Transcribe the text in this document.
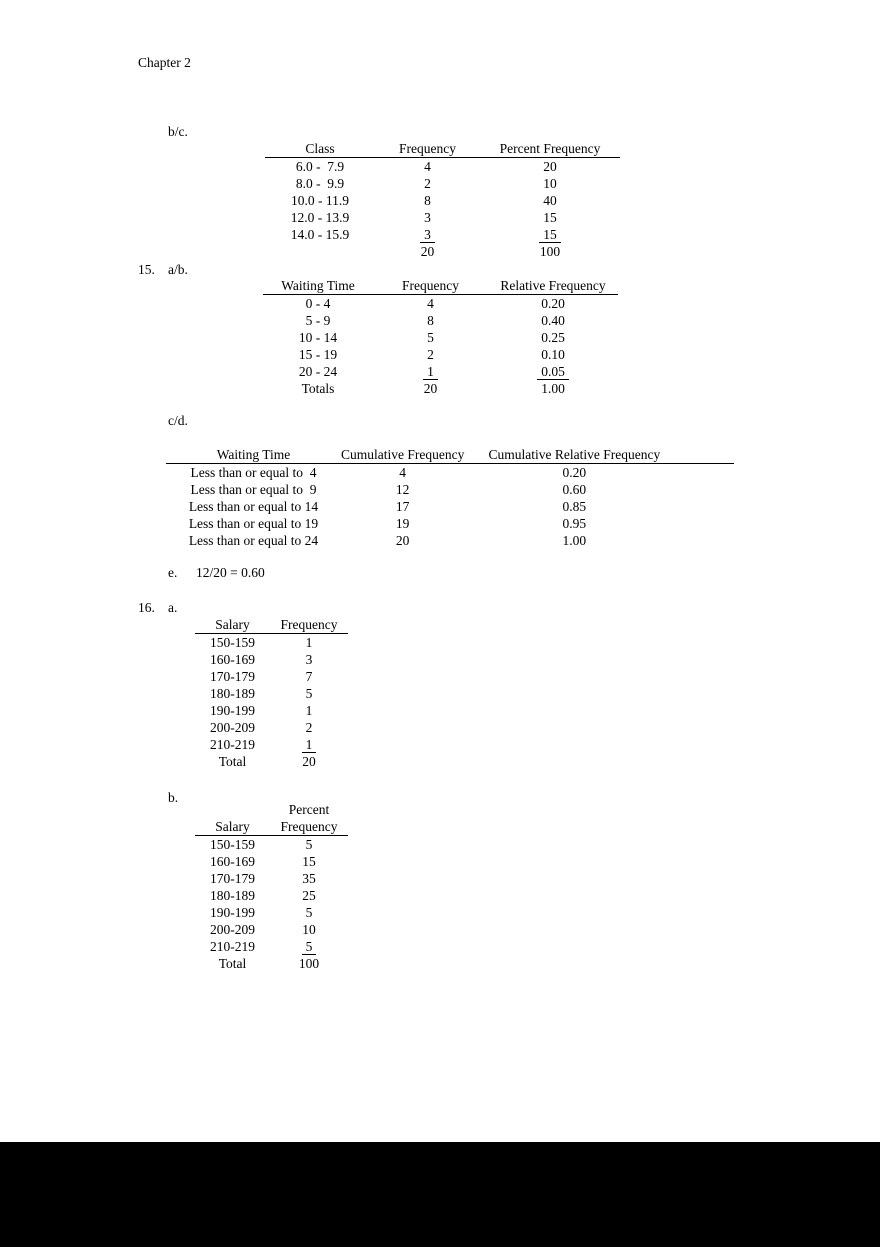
Chapter 2
b/c.
Class	Frequency	Percent Frequency
6.0 -  7.9	4	20
8.0 -  9.9	2	10
10.0 - 11.9	8	40
12.0 - 13.9	3	15
14.0 - 15.9	3	15
	20	100
15. a/b.
Waiting Time	Frequency	Relative Frequency
0 - 4	4	0.20
5 - 9	8	0.40
10 - 14	5	0.25
15 - 19	2	0.10
20 - 24	1	0.05
Totals	20	1.00
c/d.
Waiting Time	Cumulative Frequency	Cumulative Relative Frequency	
Less than or equal to  4	4	0.20	
Less than or equal to  9	12	0.60	
Less than or equal to 14	17	0.85	
Less than or equal to 19	19	0.95	
Less than or equal to 24	20	1.00	
e. 12/20 = 0.60
16. a.
Salary	Frequency
150-159	1
160-169	3
170-179	7
180-189	5
190-199	1
200-209	2
210-219	1
Total	20
b.
	Percent
Salary	Frequency
150-159	5
160-169	15
170-179	35
180-189	25
190-199	5
200-209	10
210-219	5
Total	100
